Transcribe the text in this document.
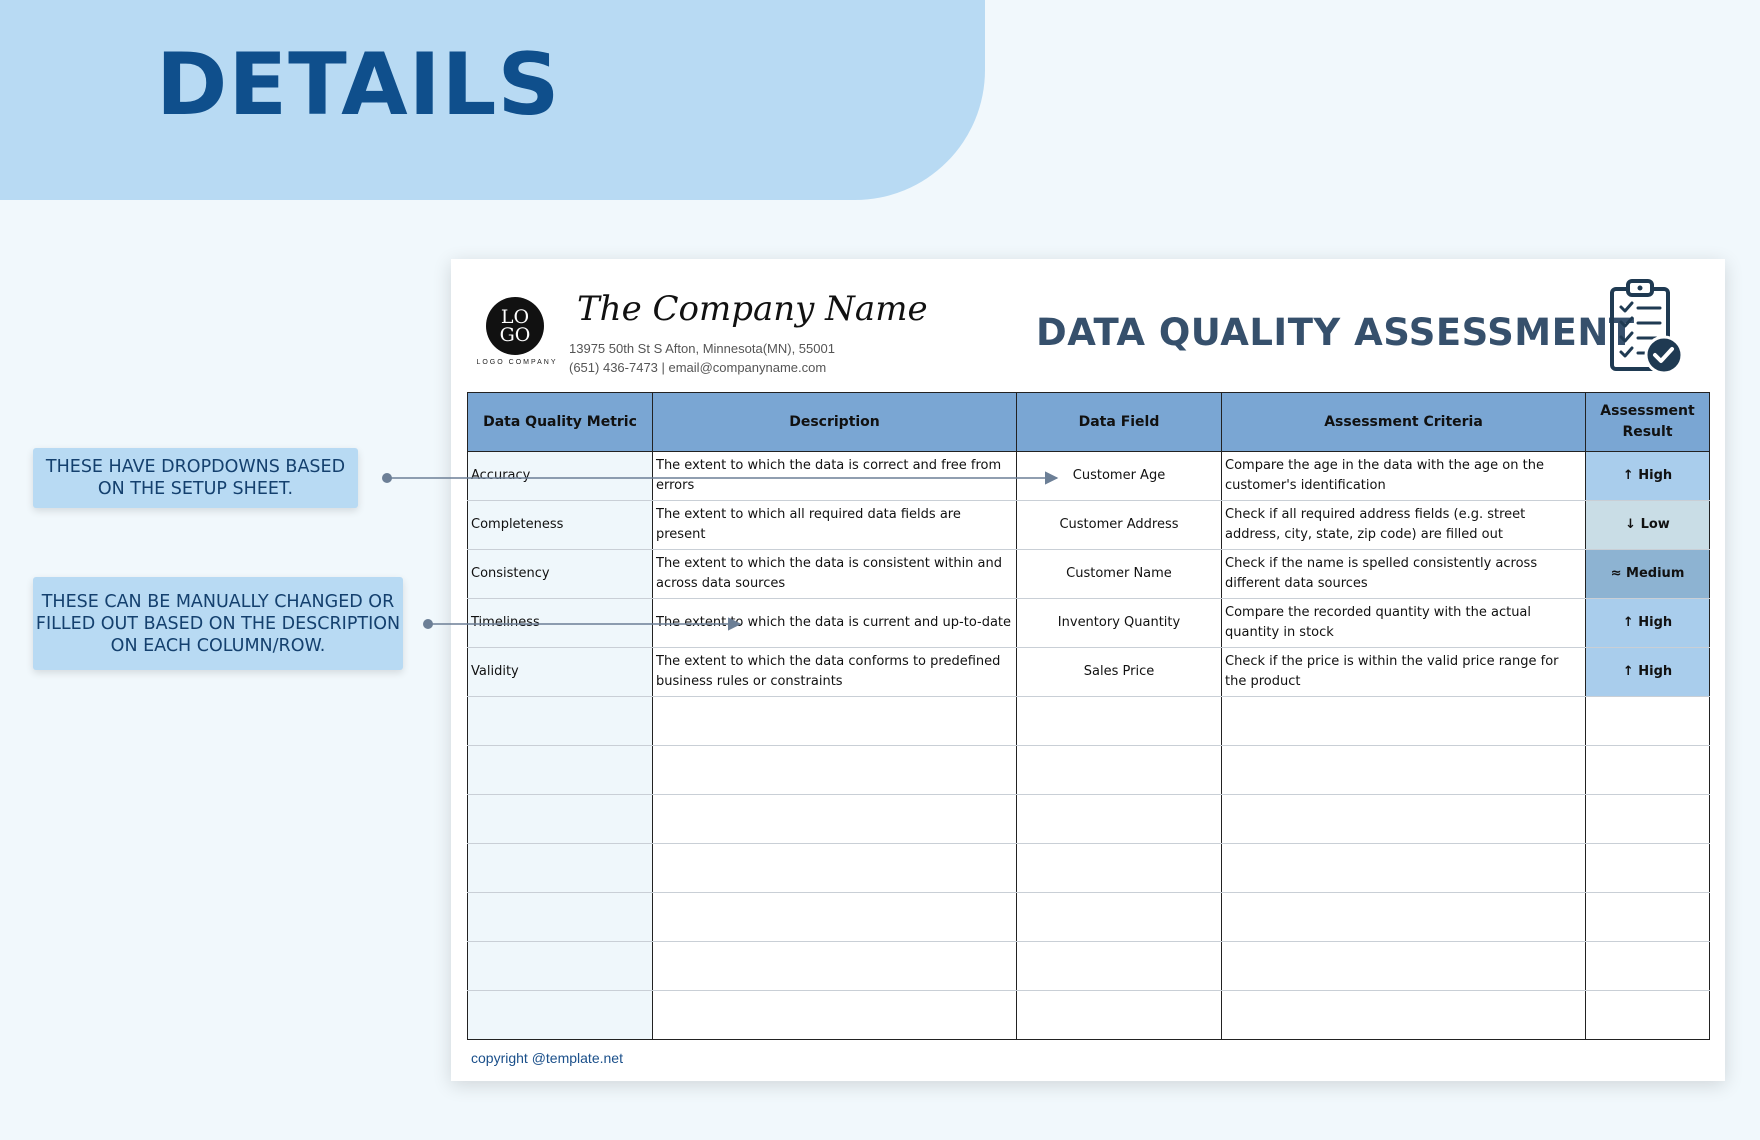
DETAILS
THESE HAVE DROPDOWNS BASED ON THE SETUP SHEET.
THESE CAN BE MANUALLY CHANGED OR FILLED OUT BASED ON THE DESCRIPTION ON EACH COLUMN/ROW.
LO
GO
LOGO COMPANY
The Company Name
13975 50th St S Afton, Minnesota(MN), 55001
(651) 436-7473 | email@companyname.com
DATA QUALITY ASSESSMENT
Data Quality Metric	Description	Data Field	Assessment Criteria	Assessment Result
Accuracy	The extent to which the data is correct and free from errors	Customer Age	Compare the age in the data with the age on the customer's identification	↑ High
Completeness	The extent to which all required data fields are present	Customer Address	Check if all required address fields (e.g. street address, city, state, zip code) are filled out	↓ Low
Consistency	The extent to which the data is consistent within and across data sources	Customer Name	Check if the name is spelled consistently across different data sources	≈ Medium
Timeliness	The extent to which the data is current and up-to-date	Inventory Quantity	Compare the recorded quantity with the actual quantity in stock	↑ High
Validity	The extent to which the data conforms to predefined business rules or constraints	Sales Price	Check if the price is within the valid price range for the product	↑ High

copyright @template.net
